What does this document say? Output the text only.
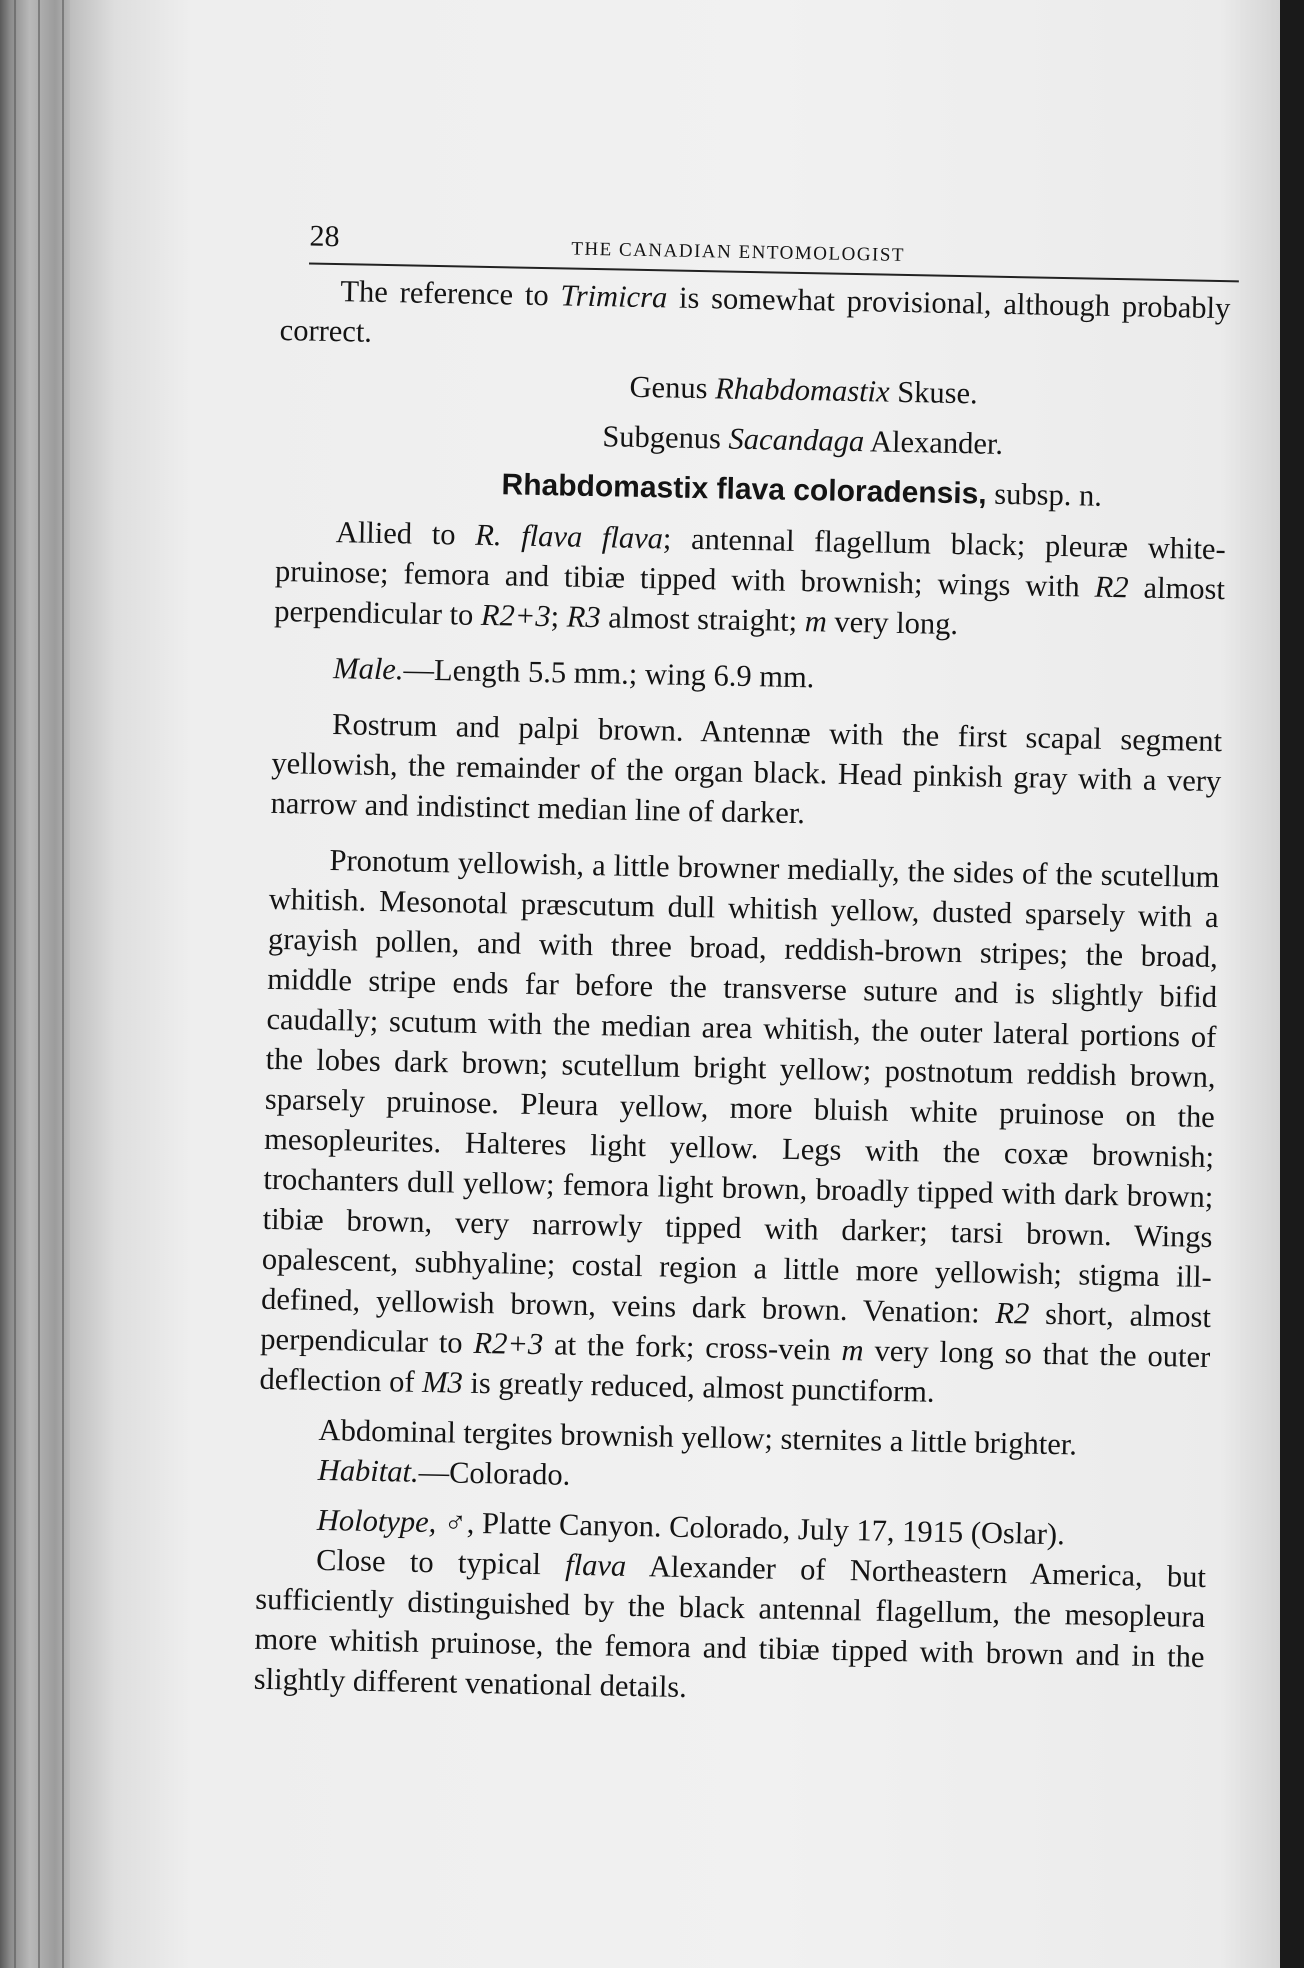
28	THE CANADIAN ENTOMOLOGIST

The reference to Trimicra is somewhat provisional, although probably correct.

Genus Rhabdomastix Skuse.

Subgenus Sacandaga Alexander.

Rhabdomastix flava coloradensis, subsp. n.

Allied to R. flava flava; antennal flagellum black; pleuræ white-pruinose; femora and tibiæ tipped with brownish; wings with R2 almost perpendicular to R2+3; R3 almost straight; m very long.

Male.—Length 5.5 mm.; wing 6.9 mm.

Rostrum and palpi brown. Antennæ with the first scapal segment yellowish, the remainder of the organ black. Head pinkish gray with a very narrow and indistinct median line of darker.

Pronotum yellowish, a little browner medially, the sides of the scutellum whitish. Mesonotal præscutum dull whitish yellow, dusted sparsely with a grayish pollen, and with three broad, reddish-brown stripes; the broad, middle stripe ends far before the transverse suture and is slightly bifid caudally; scutum with the median area whitish, the outer lateral portions of the lobes dark brown; scutellum bright yellow; postnotum reddish brown, sparsely pruinose. Pleura yellow, more bluish white pruinose on the mesopleurites. Halteres light yellow. Legs with the coxæ brownish; trochanters dull yellow; femora light brown, broadly tipped with dark brown; tibiæ brown, very narrowly tipped with darker; tarsi brown. Wings opalescent, subhyaline; costal region a little more yellowish; stigma ill-defined, yellowish brown, veins dark brown. Venation: R2 short, almost perpendicular to R2+3 at the fork; cross-vein m very long so that the outer deflection of M3 is greatly reduced, almost punctiform.

Abdominal tergites brownish yellow; sternites a little brighter.

Habitat.—Colorado.

Holotype, ♂, Platte Canyon. Colorado, July 17, 1915 (Oslar).

Close to typical flava Alexander of Northeastern America, but sufficiently distinguished by the black antennal flagellum, the mesopleura more whitish pruinose, the femora and tibiæ tipped with brown and in the slightly different venational details.
